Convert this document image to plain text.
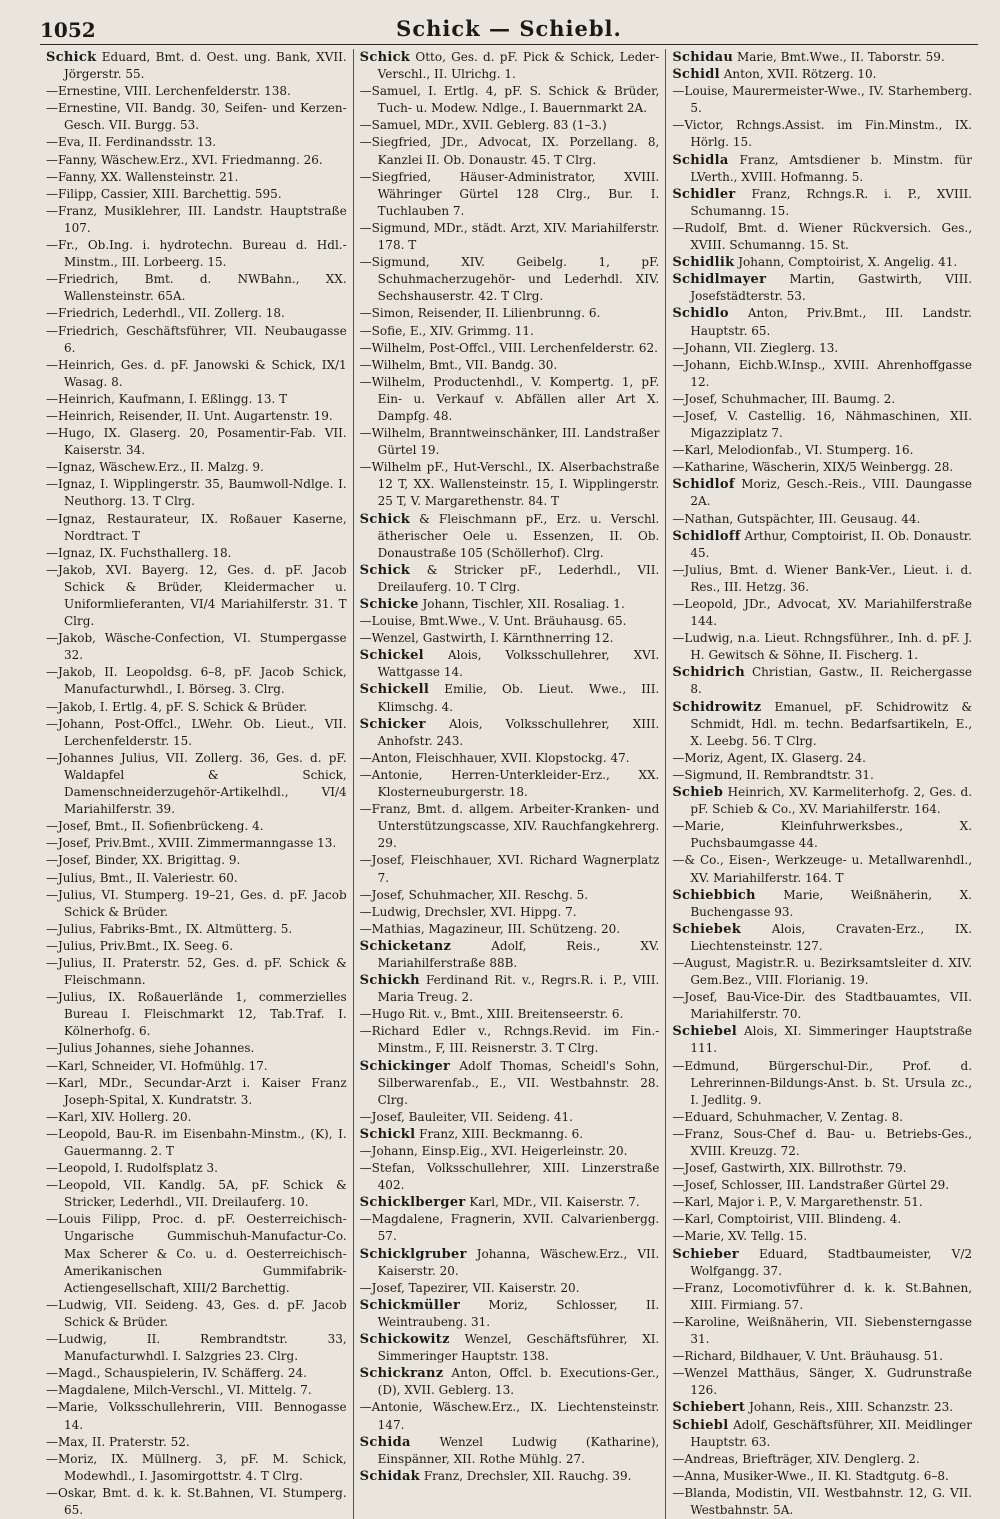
1052	Schick — Schiebl.

Schick Eduard, Bmt. d. Oest. ung. Bank, XVII. Jörgerstr. 55.

— Ernestine, VIII. Lerchenfelderstr. 138.

— Ernestine, VII. Bandg. 30, Seifen- und Kerzen-Gesch. VII. Burgg. 53.

— Eva, II. Ferdinandsstr. 13.

— Fanny, Wäschew.Erz., XVI. Friedmanng. 26.

— Fanny, XX. Wallensteinstr. 21.

— Filipp, Cassier, XIII. Barchettig. 595.

— Franz, Musiklehrer, III. Landstr. Hauptstraße 107.

— Fr., Ob.Ing. i. hydrotechn. Bureau d. Hdl.-Minstm., III. Lorbeerg. 15.

— Friedrich, Bmt. d. NWBahn., XX. Wallensteinstr. 65A.

— Friedrich, Lederhdl., VII. Zollerg. 18.

— Friedrich, Geschäftsführer, VII. Neubaugasse 6.

— Heinrich, Ges. d. pF. Janowski & Schick, IX/1 Wasag. 8.

— Heinrich, Kaufmann, I. Eßlingg. 13. T

— Heinrich, Reisender, II. Unt. Augartenstr. 19.

— Hugo, IX. Glaserg. 20, Posamentir-Fab. VII. Kaiserstr. 34.

— Ignaz, Wäschew.Erz., II. Malzg. 9.

— Ignaz, I. Wipplingerstr. 35, Baumwoll-Ndlge. I. Neuthorg. 13. T Clrg.

— Ignaz, Restaurateur, IX. Roßauer Kaserne, Nordtract. T

— Ignaz, IX. Fuchsthallerg. 18.

— Jakob, XVI. Bayerg. 12, Ges. d. pF. Jacob Schick & Brüder, Kleidermacher u. Uniformlieferanten, VI/4 Mariahilferstr. 31. T Clrg.

— Jakob, Wäsche-Confection, VI. Stumpergasse 32.

— Jakob, II. Leopoldsg. 6–8, pF. Jacob Schick, Manufacturwhdl., I. Börseg. 3. Clrg.

— Jakob, I. Ertlg. 4, pF. S. Schick & Brüder.

— Johann, Post-Offcl., LWehr. Ob. Lieut., VII. Lerchenfelderstr. 15.

— Johannes Julius, VII. Zollerg. 36, Ges. d. pF. Waldapfel & Schick, Damenschneiderzugehör-Artikelhdl., VI/4 Mariahilferstr. 39.

— Josef, Bmt., II. Sofienbrückeng. 4.

— Josef, Priv.Bmt., XVIII. Zimmermanngasse 13.

— Josef, Binder, XX. Brigittag. 9.

— Julius, Bmt., II. Valeriestr. 60.

— Julius, VI. Stumperg. 19–21, Ges. d. pF. Jacob Schick & Brüder.

— Julius, Fabriks-Bmt., IX. Altmütterg. 5.

— Julius, Priv.Bmt., IX. Seeg. 6.

— Julius, II. Praterstr. 52, Ges. d. pF. Schick & Fleischmann.

— Julius, IX. Roßauerlände 1, commerzielles Bureau I. Fleischmarkt 12, Tab.Traf. I. Kölnerhofg. 6.

— Julius Johannes, siehe Johannes.

— Karl, Schneider, VI. Hofmühlg. 17.

— Karl, MDr., Secundar-Arzt i. Kaiser Franz Joseph-Spital, X. Kundratstr. 3.

— Karl, XIV. Hollerg. 20.

— Leopold, Bau-R. im Eisenbahn-Minstm., (K), I. Gauermanng. 2. T

— Leopold, I. Rudolfsplatz 3.

— Leopold, VII. Kandlg. 5A, pF. Schick & Stricker, Lederhdl., VII. Dreilauferg. 10.

— Louis Filipp, Proc. d. pF. Oesterreichisch-Ungarische Gummischuh-Manufactur-Co. Max Scherer & Co. u. d. Oesterreichisch-Amerikanischen Gummifabrik-Actiengesellschaft, XIII/2 Barchettig.

— Ludwig, VII. Seideng. 43, Ges. d. pF. Jacob Schick & Brüder.

— Ludwig, II. Rembrandtstr. 33, Manufacturwhdl. I. Salzgries 23. Clrg.

— Magd., Schauspielerin, IV. Schäfferg. 24.

— Magdalene, Milch-Verschl., VI. Mittelg. 7.

— Marie, Volksschullehrerin, VIII. Bennogasse 14.

— Max, II. Praterstr. 52.

— Moriz, IX. Müllnerg. 3, pF. M. Schick, Modewhdl., I. Jasomirgottstr. 4. T Clrg.

— Oskar, Bmt. d. k. k. St.Bahnen, VI. Stumperg. 65.

Schick Otto, Ges. d. pF. Pick & Schick, Leder-Verschl., II. Ulrichg. 1.

— Samuel, I. Ertlg. 4, pF. S. Schick & Brüder, Tuch- u. Modew. Ndlge., I. Bauernmarkt 2A.

— Samuel, MDr., XVII. Geblerg. 83 (1–3.)

— Siegfried, JDr., Advocat, IX. Porzellang. 8, Kanzlei II. Ob. Donaustr. 45. T Clrg.

— Siegfried, Häuser-Administrator, XVIII. Währinger Gürtel 128 Clrg., Bur. I. Tuchlauben 7.

— Sigmund, MDr., städt. Arzt, XIV. Mariahilferstr. 178. T

— Sigmund, XIV. Geibelg. 1, pF. Schuhmacherzugehör- und Lederhdl. XIV. Sechshauserstr. 42. T Clrg.

— Simon, Reisender, II. Lilienbrunng. 6.

— Sofie, E., XIV. Grimmg. 11.

— Wilhelm, Post-Offcl., VIII. Lerchenfelderstr. 62.

— Wilhelm, Bmt., VII. Bandg. 30.

— Wilhelm, Productenhdl., V. Kompertg. 1, pF. Ein- u. Verkauf v. Abfällen aller Art X. Dampfg. 48.

— Wilhelm, Branntweinschänker, III. Landstraßer Gürtel 19.

— Wilhelm pF., Hut-Verschl., IX. Alserbachstraße 12 T, XX. Wallensteinstr. 15, I. Wipplingerstr. 25 T, V. Margarethenstr. 84. T

Schick & Fleischmann pF., Erz. u. Verschl. ätherischer Oele u. Essenzen, II. Ob. Donaustraße 105 (Schöllerhof). Clrg.

Schick & Stricker pF., Lederhdl., VII. Dreilauferg. 10. T Clrg.

Schicke Johann, Tischler, XII. Rosaliag. 1.

— Louise, Bmt.Wwe., V. Unt. Bräuhausg. 65.

— Wenzel, Gastwirth, I. Kärnthnerring 12.

Schickel Alois, Volksschullehrer, XVI. Wattgasse 14.

Schickell Emilie, Ob. Lieut. Wwe., III. Klimschg. 4.

Schicker Alois, Volksschullehrer, XIII. Anhofstr. 243.

— Anton, Fleischhauer, XVII. Klopstockg. 47.

— Antonie, Herren-Unterkleider-Erz., XX. Klosterneuburgerstr. 18.

— Franz, Bmt. d. allgem. Arbeiter-Kranken- und Unterstützungscasse, XIV. Rauchfangkehrerg. 29.

— Josef, Fleischhauer, XVI. Richard Wagnerplatz 7.

— Josef, Schuhmacher, XII. Reschg. 5.

— Ludwig, Drechsler, XVI. Hippg. 7.

— Mathias, Magazineur, III. Schützeng. 20.

Schicketanz	Adolf, Reis., XV. Mariahilferstraße 88B.

Schickh Ferdinand Rit. v., Regrs.R. i. P., VIII. Maria Treug. 2.

— Hugo Rit. v., Bmt., XIII. Breitenseerstr. 6.

— Richard Edler v., Rchngs.Revid. im Fin.-Minstm., F, III. Reisnerstr. 3. T Clrg.

Schickinger Adolf Thomas, Scheidl's Sohn, Silberwarenfab., E., VII. Westbahnstr. 28. Clrg.

— Josef, Bauleiter, VII. Seideng. 41.

Schickl Franz, XIII. Beckmanng. 6.

— Johann, Einsp.Eig., XVI. Heigerleinstr. 20.

— Stefan, Volksschullehrer, XIII. Linzerstraße 402.

Schicklberger Karl, MDr., VII. Kaiserstr. 7.

— Magdalene, Fragnerin, XVII. Calvarienbergg. 57.

Schicklgruber Johanna, Wäschew.Erz., VII. Kaiserstr. 20.

— Josef, Tapezirer, VII. Kaiserstr. 20.

Schickmüller Moriz, Schlosser, II. Weintraubeng. 31.

Schickowitz Wenzel, Geschäftsführer, XI. Simmeringer Hauptstr. 138.

Schickranz Anton, Offcl. b. Executions-Ger., (D), XVII. Geblerg. 13.

— Antonie, Wäschew.Erz., IX. Liechtensteinstr. 147.

Schida Wenzel Ludwig (Katharine), Einspänner, XII. Rothe Mühlg. 27.

Schidak Franz, Drechsler, XII. Rauchg. 39.

Schidau Marie, Bmt.Wwe., II. Taborstr. 59.

Schidl Anton, XVII. Rötzerg. 10.

— Louise, Maurermeister-Wwe., IV. Starhemberg. 5.

— Victor, Rchngs.Assist. im Fin.Minstm., IX. Hörlg. 15.

Schidla Franz, Amtsdiener b. Minstm. für LVerth., XVIII. Hofmanng. 5.

Schidler Franz, Rchngs.R. i. P., XVIII. Schumanng. 15.

— Rudolf, Bmt. d. Wiener Rückversich. Ges., XVIII. Schumanng. 15. St.

Schidlik Johann, Comptoirist, X. Angelig. 41.

Schidlmayer Martin, Gastwirth, VIII. Josefstädterstr. 53.

Schidlo Anton, Priv.Bmt., III. Landstr. Hauptstr. 65.

— Johann, VII. Zieglerg. 13.

— Johann, Eichb.W.Insp., XVIII. Ahrenhoffgasse 12.

— Josef, Schuhmacher, III. Baumg. 2.

— Josef, V. Castellig. 16, Nähmaschinen, XII. Migazziplatz 7.

— Karl, Melodionfab., VI. Stumperg. 16.

— Katharine, Wäscherin, XIX/5 Weinbergg. 28.

Schidlof Moriz, Gesch.-Reis., VIII. Daungasse 2A.

— Nathan, Gutspächter, III. Geusaug. 44.

Schidloff Arthur, Comptoirist, II. Ob. Donaustr. 45.

— Julius, Bmt. d. Wiener Bank-Ver., Lieut. i. d. Res., III. Hetzg. 36.

— Leopold, JDr., Advocat, XV. Mariahilferstraße 144.

— Ludwig, n.a. Lieut. Rchngsführer., Inh. d. pF. J. H. Gewitsch & Söhne, II. Fischerg. 1.

Schidrich Christian, Gastw., II. Reichergasse 8.

Schidrowitz Emanuel, pF. Schidrowitz & Schmidt, Hdl. m. techn. Bedarfsartikeln, E., X. Leebg. 56. T Clrg.

— Moriz, Agent, IX. Glaserg. 24.

— Sigmund, II. Rembrandtstr. 31.

Schieb Heinrich, XV. Karmeliterhofg. 2, Ges. d. pF. Schieb & Co., XV. Mariahilferstr. 164.

— Marie, Kleinfuhrwerksbes., X. Puchsbaumgasse 44.

— & Co., Eisen-, Werkzeuge- u. Metallwarenhdl., XV. Mariahilferstr. 164. T

Schiebbich Marie, Weißnäherin, X. Buchengasse 93.

Schiebek	Alois, Cravaten-Erz., IX. Liechtensteinstr. 127.

— August, Magistr.R. u. Bezirksamtsleiter d. XIV. Gem.Bez., VIII. Florianig. 19.

— Josef, Bau-Vice-Dir. des Stadtbauamtes, VII. Mariahilferstr. 70.

Schiebel Alois, XI. Simmeringer Hauptstraße 111.

— Edmund, Bürgerschul-Dir., Prof. d. Lehrerinnen-Bildungs-Anst. b. St. Ursula zc., I. Jedlitg. 9.

— Eduard, Schuhmacher, V. Zentag. 8.

— Franz, Sous-Chef d. Bau- u. Betriebs-Ges., XVIII. Kreuzg. 72.

— Josef, Gastwirth, XIX. Billrothstr. 79.

— Josef, Schlosser, III. Landstraßer Gürtel 29.

— Karl, Major i. P., V. Margarethenstr. 51.

— Karl, Comptoirist, VIII. Blindeng. 4.

— Marie, XV. Tellg. 15.

Schieber Eduard, Stadtbaumeister, V/2 Wolfgangg. 37.

— Franz, Locomotivführer d. k. k. St.Bahnen, XIII. Firmiang. 57.

— Karoline, Weißnäherin, VII. Siebensterngasse 31.

— Richard, Bildhauer, V. Unt. Bräuhausg. 51.

— Wenzel Matthäus, Sänger, X. Gudrunstraße 126.

Schiebert Johann, Reis., XIII. Schanzstr. 23.

Schiebl Adolf, Geschäftsführer, XII. Meidlinger Hauptstr. 63.

— Andreas, Briefträger, XIV. Denglerg. 2.

— Anna, Musiker-Wwe., II. Kl. Stadtgutg. 6–8.

— Blanda, Modistin, VII. Westbahnstr. 12, G. VII. Westbahnstr. 5A.
